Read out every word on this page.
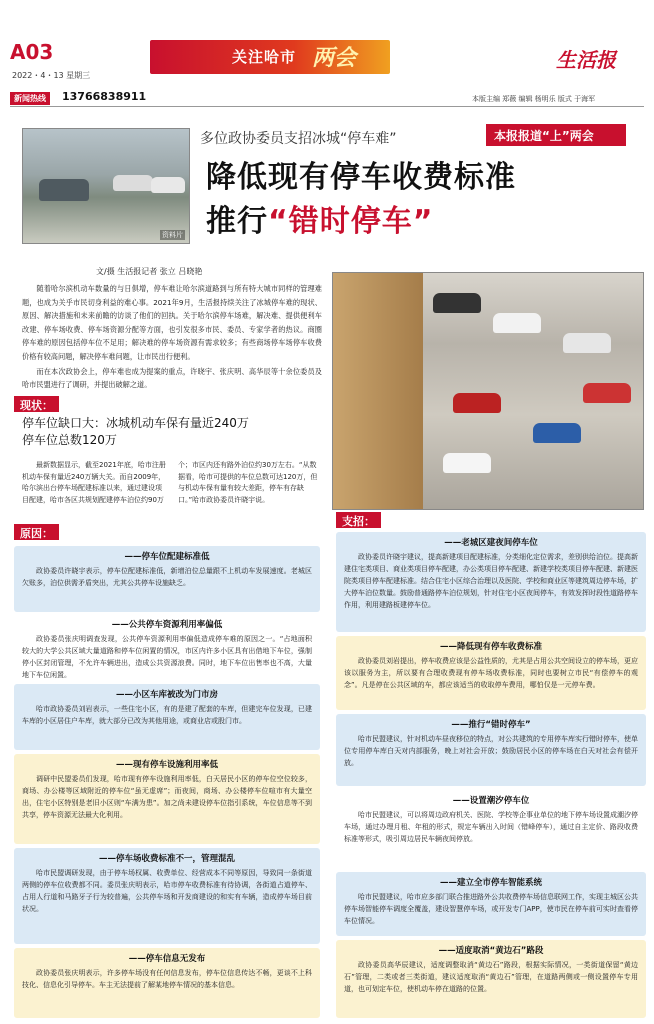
A03
2022・4・13 星期三
关注哈市 两会	生活报
新闻热线	13766838911	本版主编 郑薇 编辑 杨明乐 版式 于海军
资料片
多位政协委员支招冰城“停车难”	本报报道“上”两会
降低现有停车收费标准
推行“错时停车”
文/摄 生活报记者 张立 吕晓艳

随着哈尔滨机动车数量的与日俱增，停车难让哈尔滨道路到与所有特大城市同样的管理难题，也成为关乎市民切身利益的难心事。2021年9月，生活报持续关注了冰城停车难的现状、原因、解决措施和未来前瞻的访谈了他们的回执。关于哈尔滨停车场难，解决难、提供便利车改建、停车场收费、停车场资源分配等方面，也引发很多市民、委员、专家学者的热议。商圈停车难的原因包括停车位不足用；解决难的停车场资源有需求较多；有些商场停车场停车收费价格有较高问题，解决停车难问题，让市民出行便利。

而在本次政协会上，停车难也成为提案的重点，许晓宇、张庆明、高华辰等十余位委员及哈市民盟进行了调研，并提出破解之道。

现状：
停车位缺口大：冰城机动车保有量近240万
停车位总数120万
最新数据显示，截至2021年底，哈市注册机动车保有量近240万辆大关。而自2009年，哈尔滨出台停车场配建标准以来，通过建设项目配建，哈市各区共规划配建停车泊位约90万个；市区内还有路外泊位约30万左右。“从数据看，哈市可提供的车位总数可达120万，但与机动车保有量有较大差距，停车有存缺口。”哈市政协委员许晓宇说。
原因：
——停车位配建标准低
政协委员许晓宇表示，停车位配建标准低，新增泊位总量跟不上机动车发展速度。老城区欠账多，泊位供需矛盾突出，尤其公共停车设施缺乏。
——公共停车资源利用率偏低
政协委员张庆明调查发现，公共停车资源利用率偏低造成停车难的原因之一。“占地面积较大的大学公共区域大量道路和停车位闲置的情况，市区内许多小区具有出借地下车位，强制停小区封闭管理，不允许车辆进出，造成公共资源浪费。同时，地下车位出售率也不高，大量地下车位闲置。
——小区车库被改为门市房
哈市政协委员刘岩表示，一些住宅小区，有的是建了配套的车库，但建完车位发现，已建车库的小区居住户车库，就大部分已改为其他用途，或商业店或股门市。
——现有停车设施利用率低
调研中民盟委员们发现，哈市现有停车设施利用率低，白天居民小区的停车位空位较多，商场、办公楼等区域附近的停车位“虽无虚席”；而夜间，商场、办公楼停车位喧市有大量空出，住宅小区特别是老旧小区则“车满为患”。加之尚未建设停车位指引系统，车位信息等不到共享，停车资源无法最大化利用。
——停车场收费标准不一，管理混乱
哈市民盟调研发现，由于停车场权属、收费单位、经营成本不同等原因，导致同一条街道两侧的停车位收费都不同。委员张庆明表示，哈市停车收费标准有待协调，各街道占道停车、占用人行道和马路牙子行为较普遍，公共停车场和开发商建设的和实有车辆，造成停车场目前状况。
——停车信息无发布
政协委员张庆明表示，许多停车场没有任何信息发布，停车位信息传达不畅，更谈不上科技化、信息化引导停车。车主无法提前了解某地停车情况的基本信息。
支招：
——老城区建夜间停车位
政协委员许晓宇建议，提高新建项目配建标准，分类细化定位需求，差别供给泊位。提高新建住宅类项目、商业类项目停车配建，办公类项目停车配建、新建学校类项目停车配建、新建医院类项目停车配建标准。结合住宅小区综合治理以及医院、学校和商业区等建筑周边停车场，扩大停车泊位数量。鼓励普通路停车泊位规划，针对住宅小区夜间停车，有效发挥时段性道路停车作用，利用建路板建停车位。
——降低现有停车收费标准
政协委员刘岩提出，停车收费应该是公益性质的，尤其是占用公共空间设立的停车场，更应该以服务为主，所以要有合理收费现有停车场收费标准，同时也要树立市民“有偿停车的观念”。凡是停在公共区域的车，都应该适当的收取停车费用，哪怕仅是一元停车费。
——推行“错时停车”
哈市民盟建议，针对机动车昼夜移位的特点，对公共建筑的专用停车库实行错时停车，使单位专用停车库白天对内部服务，晚上对社会开放；鼓励居民小区的停车场在白天对社会有偿开放。
——设置潮汐停车位
哈市民盟建议，可以将周边政府机关、医院、学校等企事业单位的地下停车场设置成潮汐停车场，通过办理月租、年租的形式，规定车辆出入时间（错峰停车），通过自主定价、路段收费标准等形式，吸引周边居民车辆夜间停放。
——建立全市停车智能系统
哈市民盟建议，哈市应多部门联合推进路外公共收费停车场信息联网工作，实现主城区公共停车场智能停车调度全覆盖，建设智慧停车场，或开发专门APP，使市民在停车前可实时查看停车位情况。
——适度取消“黄边石”路段
政协委员高华辰建议，适度调整取消“黄边石”路段，根据实际情况，一类街道保留“黄边石”管理，二类或者三类街道，建议适度取消“黄边石”管理，在道路两侧或一侧设置停车专用道，也可划定车位，使机动车停在道路的位置。
